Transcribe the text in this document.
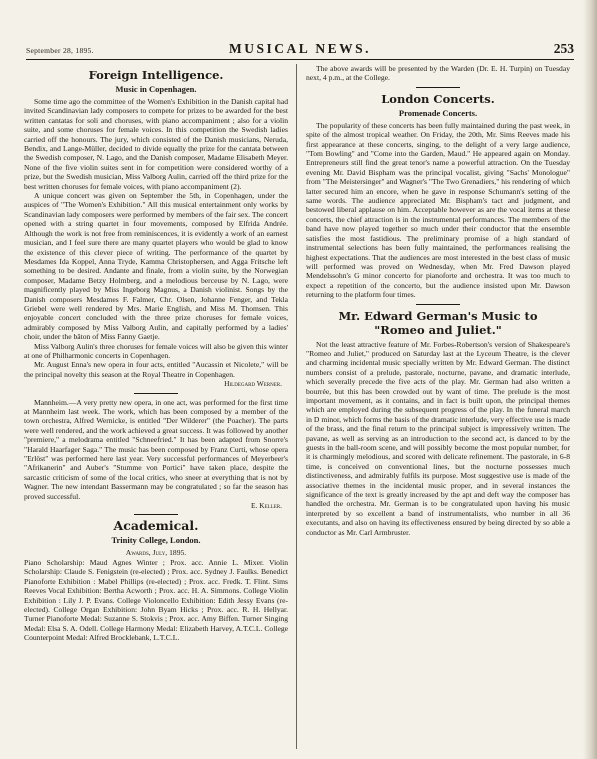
September 28, 1895.	MUSICAL NEWS.	253
Foreign Intelligence.
Music in Copenhagen.

Some time ago the committee of the Women's Exhibition in the Danish capital had invited Scandinavian lady composers to compete for prizes to be awarded for the best written cantatas for soli and choruses, with piano accompaniment ; also for a violin suite, and some choruses for female voices. In this competition the Swedish ladies carried off the honours. The jury, which consisted of the Danish musicians, Neruda, Bendix, and Lange-Müller, decided to divide equally the prize for the cantata between the Swedish composer, N. Lago, and the Danish composer, Madame Elisabeth Meyer. None of the five violin suites sent in for competition were considered worthy of a prize, but the Swedish musician, Miss Valborg Aulin, carried off the third prize for the best written choruses for female voices, with piano accompaniment (2).

A unique concert was given on September the 5th, in Copenhagen, under the auspices of "The Women's Exhibition." All this musical entertainment only works by Scandinavian lady composers were performed by members of the fair sex. The concert opened with a string quartet in four movements, composed by Elfrida Andrée. Although the work is not free from reminiscences, it is evidently a work of an earnest musician, and I feel sure there are many quartet players who would be glad to know the existence of this clever piece of writing. The performance of the quartet by Mesdames Ida Koppel, Anna Tryde, Kamma Christophersen, and Agga Fritsche left something to be desired. Andante and finale, from a violin suite, by the Norwegian composer, Madame Betzy Holmberg, and a melodious berceuse by N. Lago, were magnificently played by Miss Ingeborg Magnus, a Danish violinist. Songs by the Danish composers Mesdames F. Falmer, Chr. Olsen, Johanne Fenger, and Tekla Griebel were well rendered by Mrs. Marie English, and Miss M. Thomsen. This enjoyable concert concluded with the three prize choruses for female voices, admirably composed by Miss Valborg Aulin, and capitally performed by a ladies' choir, under the bâton of Miss Fanny Gaetje.

Miss Valborg Aulin's three choruses for female voices will also be given this winter at one of Philharmonic concerts in Copenhagen.

Mr. August Enna's new opera in four acts, entitled "Aucassin et Nicolete," will be the principal novelty this season at the Royal Theatre in Copenhagen.

Hildegard Werner.

Mannheim.—A very pretty new opera, in one act, was performed for the first time at Mannheim last week. The work, which has been composed by a member of the town orchestra, Alfred Wernicke, is entitled "Der Wilderer" (the Poacher). The parts were well rendered, and the work achieved a great success. It was followed by another "premiere," a melodrama entitled "Schneefried." It has been adapted from Snorre's "Harald Haarfager Saga." The music has been composed by Franz Curti, whose opera "Erlöst" was performed here last year. Very successful performances of Meyerbeer's "Afrikanerin" and Auber's "Stumme von Portici" have taken place, despite the sarcastic criticism of some of the local critics, who sneer at everything that is not by Wagner. The new intendant Bassermann may be congratulated ; so far the season has proved successful.

E. Keller.
Academical.
Trinity College, London.

Awards, July, 1895.

Piano Scholarship: Maud Agnes Winter ; Prox. acc. Annie L. Mixer. Violin Scholarship: Claude S. Fenigstein (re-elected) ; Prox. acc. Sydney J. Faulks. Benedict Pianoforte Exhibition : Mabel Phillips (re-elected) ; Prox. acc. Fredk. T. Flint. Sims Reeves Vocal Exhibition: Bertha Acworth ; Prox. acc. H. A. Simmons. College Violin Exhibition : Lily J. P. Evans. College Violoncello Exhibition: Edith Jessy Evans (re-elected). College Organ Exhibition: John Byam Hicks ; Prox. acc. R. H. Hellyar. Turner Pianoforte Medal: Suzanne S. Stokvis ; Prox. acc. Amy Biffen. Turner Singing Medal: Elsa S. A. Odell. College Harmony Medal: Elizabeth Harvey, A.T.C.L. College Counterpoint Medal: Alfred Brocklebank, L.T.C.L.

The above awards will be presented by the Warden (Dr. E. H. Turpin) on Tuesday next, 4 p.m., at the College.

London Concerts.
Promenade Concerts.

The popularity of these concerts has been fully maintained during the past week, in spite of the almost tropical weather. On Friday, the 20th, Mr. Sims Reeves made his first appearance at these concerts, singing, to the delight of a very large audience, "Tom Bowling" and "Come into the Garden, Maud." He appeared again on Monday. Entrepreneurs still find the great tenor's name a powerful attraction. On the Tuesday evening Mr. David Bispham was the principal vocalist, giving "Sachs' Monologue" from "The Meistersinger" and Wagner's "The Two Grenadiers," his rendering of which latter secured him an encore, when he gave in response Schumann's setting of the same words. The audience appreciated Mr. Bispham's tact and judgment, and bestowed liberal applause on him. Acceptable however as are the vocal items at these concerts, the chief attraction is in the instrumental performances. The members of the band have now played together so much under their conductor that the ensemble satisfies the most fastidious. The preliminary promise of a high standard of instrumental selections has been fully maintained, the performances realising the highest expectations. That the audiences are most interested in the best class of music will performed was proved on Wednesday, when Mr. Fred Dawson played Mendelssohn's G minor concerto for pianoforte and orchestra. It was too much to expect a repetition of the concerto, but the audience insisted upon Mr. Dawson returning to the platform four times.

Mr. Edward German's Music to
"Romeo and Juliet."

Not the least attractive feature of Mr. Forbes-Robertson's version of Shakespeare's "Romeo and Juliet," produced on Saturday last at the Lyceum Theatre, is the clever and charming incidental music specially written by Mr. Edward German. The distinct numbers consist of a prelude, pastorale, nocturne, pavane, and dramatic interlude, which severally precede the five acts of the play. Mr. German had also written a bourrée, but this has been crowded out by want of time. The prelude is the most important movement, as it contains, and in fact is built upon, the principal themes which are employed during the subsequent progress of the play. In the funeral march in D minor, which forms the basis of the dramatic interlude, very effective use is made of the brass, and the final return to the principal subject is impressively written. The pavane, as well as serving as an introduction to the second act, is danced to by the guests in the ball-room scene, and will possibly become the most popular number, for it is charmingly melodious, and scored with delicate refinement. The pastorale, in 6-8 time, is conceived on conventional lines, but the nocturne possesses much distinctiveness, and admirably fulfils its purpose. Most suggestive use is made of the associative themes in the incidental music proper, and in several instances the significance of the text is greatly increased by the apt and deft way the composer has handled the orchestra. Mr. German is to be congratulated upon having his music interpreted by so excellent a band of instrumentalists, who number in all 36 executants, and also on having its effectiveness ensured by being directed by so able a conductor as Mr. Carl Armbruster.
